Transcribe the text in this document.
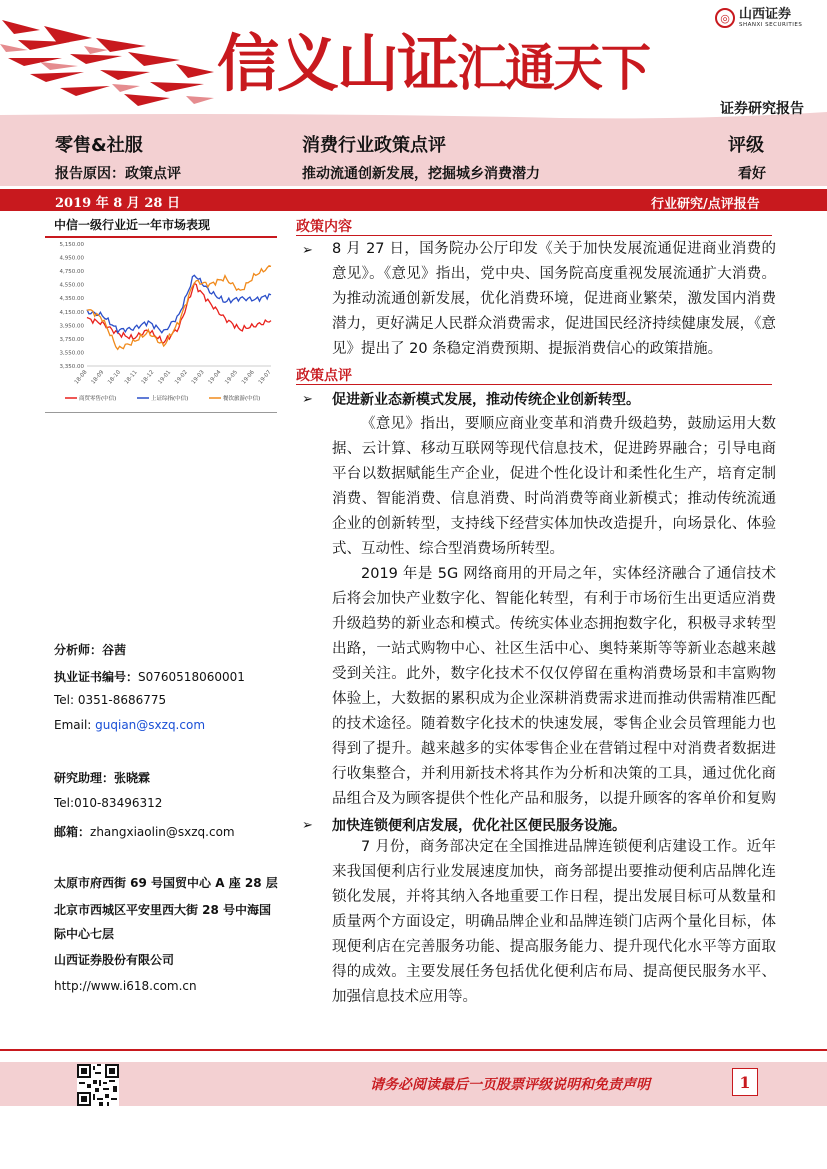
信义山证汇通天下
◎ 山西证券
SHANXI SECURITIES
证券研究报告
零售&社服	消费行业政策点评	评级
报告原因：政策点评	推动流通创新发展，挖掘城乡消费潜力	看好
2019 年 8 月 28 日	行业研究/点评报告
中信一级行业近一年市场表现
5,150.00
4,950.00
4,750.00
4,550.00
4,350.00
4,150.00
3,950.00
3,750.00
3,550.00
3,350.00
18-08 18-09 18-10 18-11 18-12 19-01 19-02 19-03 19-04 19-05 19-06 19-07
商贸零售(中信)	上证综指(中信)	餐饮旅游(中信)
分析师：谷茜
执业证书编号：S0760518060001
Tel: 0351-8686775
Email: guqian@sxzq.com
研究助理：张晓霖
Tel:010-83496312
邮箱：zhangxiaolin@sxzq.com
太原市府西街 69 号国贸中心 A 座 28 层
北京市西城区平安里西大街 28 号中海国
际中心七层
山西证券股份有限公司
http://www.i618.com.cn
政策内容
➢ 8 月 27 日，国务院办公厅印发《关于加快发展流通促进商业消费的意见》。《意见》指出，党中央、国务院高度重视发展流通扩大消费。为推动流通创新发展，优化消费环境，促进商业繁荣，激发国内消费潜力，更好满足人民群众消费需求，促进国民经济持续健康发展，《意见》提出了 20 条稳定消费预期、提振消费信心的政策措施。
政策点评
➢ 促进新业态新模式发展，推动传统企业创新转型。
《意见》指出，要顺应商业变革和消费升级趋势，鼓励运用大数据、云计算、移动互联网等现代信息技术，促进跨界融合；引导电商平台以数据赋能生产企业，促进个性化设计和柔性化生产，培育定制消费、智能消费、信息消费、时尚消费等商业新模式；推动传统流通企业的创新转型，支持线下经营实体加快改造提升，向场景化、体验式、互动性、综合型消费场所转型。
2019 年是 5G 网络商用的开局之年，实体经济融合了通信技术后将会加快产业数字化、智能化转型，有利于市场衍生出更适应消费升级趋势的新业态和模式。传统实体业态拥抱数字化，积极寻求转型出路，一站式购物中心、社区生活中心、奥特莱斯等等新业态越来越受到关注。此外，数字化技术不仅仅停留在重构消费场景和丰富购物体验上，大数据的累积成为企业深耕消费需求进而推动供需精准匹配的技术途径。随着数字化技术的快速发展，零售企业会员管理能力也得到了提升。越来越多的实体零售企业在营销过程中对消费者数据进行收集整合，并利用新技术将其作为分析和决策的工具，通过优化商品组合及为顾客提供个性化产品和服务，以提升顾客的客单价和复购
➢ 加快连锁便利店发展，优化社区便民服务设施。
7 月份，商务部决定在全国推进品牌连锁便利店建设工作。近年来我国便利店行业发展速度加快，商务部提出要推动便利店品牌化连锁化发展，并将其纳入各地重要工作日程，提出发展目标可从数量和质量两个方面设定，明确品牌企业和品牌连锁门店两个量化目标，体现便利店在完善服务功能、提高服务能力、提升现代化水平等方面取得的成效。主要发展任务包括优化便利店布局、提高便民服务水平、加强信息技术应用等。
请务必阅读最后一页股票评级说明和免责声明	1
